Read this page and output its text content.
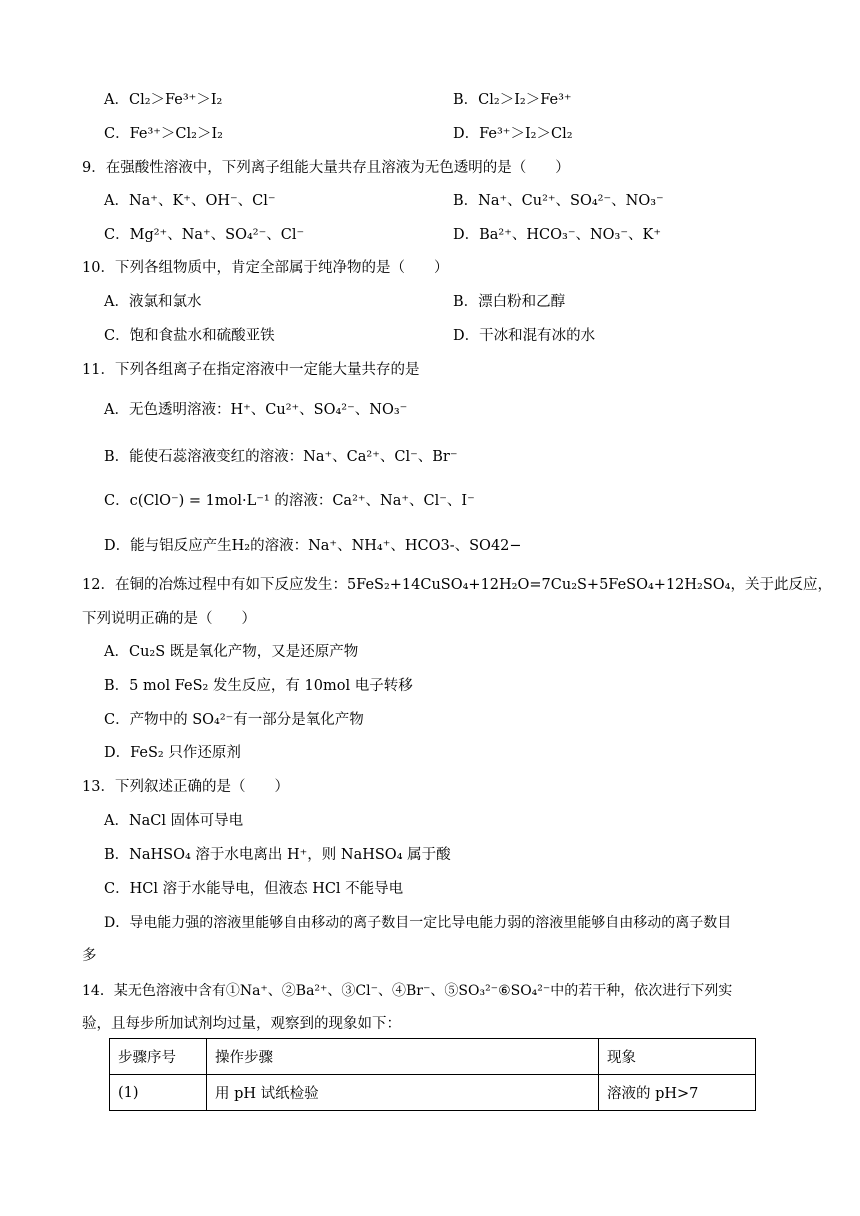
A．Cl₂＞Fe³⁺＞I₂	B．Cl₂＞I₂＞Fe³⁺
C．Fe³⁺＞Cl₂＞I₂	D．Fe³⁺＞I₂＞Cl₂
9．在强酸性溶液中，下列离子组能大量共存且溶液为无色透明的是（　　）
A．Na⁺、K⁺、OH⁻、Cl⁻	B．Na⁺、Cu²⁺、SO₄²⁻、NO₃⁻
C．Mg²⁺、Na⁺、SO₄²⁻、Cl⁻	D．Ba²⁺、HCO₃⁻、NO₃⁻、K⁺
10．下列各组物质中，肯定全部属于纯净物的是（　　）
A．液氯和氯水	B．漂白粉和乙醇
C．饱和食盐水和硫酸亚铁	D．干冰和混有冰的水
11．下列各组离子在指定溶液中一定能大量共存的是
A．无色透明溶液：H⁺、Cu²⁺、SO₄²⁻、NO₃⁻
B．能使石蕊溶液变红的溶液：Na⁺、Ca²⁺、Cl⁻、Br⁻
C．c(ClO⁻) = 1mol·L⁻¹ 的溶液：Ca²⁺、Na⁺、Cl⁻、I⁻
D．能与铝反应产生H₂的溶液：Na⁺、NH₄⁺、HCO3-、SO42−
12．在铜的冶炼过程中有如下反应发生：5FeS₂+14CuSO₄+12H₂O=7Cu₂S+5FeSO₄+12H₂SO₄，关于此反应，
下列说明正确的是（　　）
A．Cu₂S 既是氧化产物，又是还原产物
B．5 mol FeS₂ 发生反应，有 10mol 电子转移
C．产物中的 SO₄²⁻有一部分是氧化产物
D．FeS₂ 只作还原剂
13．下列叙述正确的是（　　）
A．NaCl 固体可导电
B．NaHSO₄ 溶于水电离出 H⁺，则 NaHSO₄ 属于酸
C．HCl 溶于水能导电，但液态 HCl 不能导电
D．导电能力强的溶液里能够自由移动的离子数目一定比导电能力弱的溶液里能够自由移动的离子数目
多
14．某无色溶液中含有①Na⁺、②Ba²⁺、③Cl⁻、④Br⁻、⑤SO₃²⁻⑥SO₄²⁻中的若干种，依次进行下列实
验，且每步所加试剂均过量，观察到的现象如下：
步骤序号	操作步骤	现象
(1)	用 pH 试纸检验	溶液的 pH>7
